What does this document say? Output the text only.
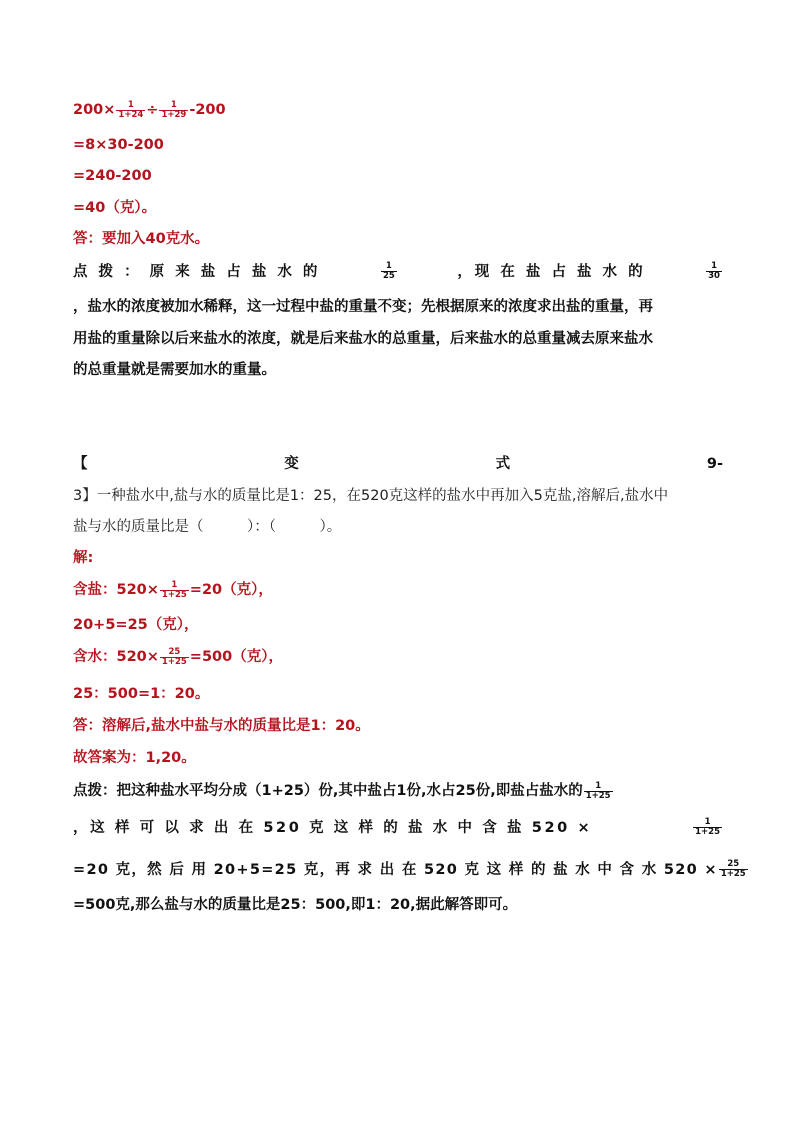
$200\times \frac{1}{1+24} \div \frac{1}{1+29} -200$
=8×30-200
=240-200
=40（克）。
答：要加入40克水。
点 拨 ： 原 来 盐 占 盐 水 的	$\frac{1}{25}$	，现 在 盐 占 盐 水 的	$\frac{1}{30}$
，盐水的浓度被加水稀释，这一过程中盐的重量不变；先根据原来的浓度求出盐的重量，再
用盐的重量除以后来盐水的浓度，就是后来盐水的总重量，后来盐水的总重量减去原来盐水
的总重量就是需要加水的重量。
【	变	式	9-
3】一种盐水中,盐与水的质量比是1：25，在520克这样的盐水中再加入5克盐,溶解后,盐水中
盐与水的质量比是（　　　）：（　　　）。
解:
含盐：$520\times \frac{1}{1+25} =20$（克），
20+5=25（克），
含水：$520\times \frac{25}{1+25} =500$（克），
25：500=1：20。
答：溶解后,盐水中盐与水的质量比是1：20。
故答案为：1,20。
点拨：把这种盐水平均分成（1+25）份,其中盐占1份,水占25份,即盐占盐水的 $\frac{1}{1+25}$
，这 样 可 以 求 出 在 520 克 这 样 的 盐 水 中 含 盐 520 ×	$\frac{1}{1+25}$
=20 克，然 后 用 20+5=25 克，再 求 出 在 520 克 这 样 的 盐 水 中 含 水 $520 \times \frac{25}{1+25}$
=500克,那么盐与水的质量比是25：500,即1：20,据此解答即可。
